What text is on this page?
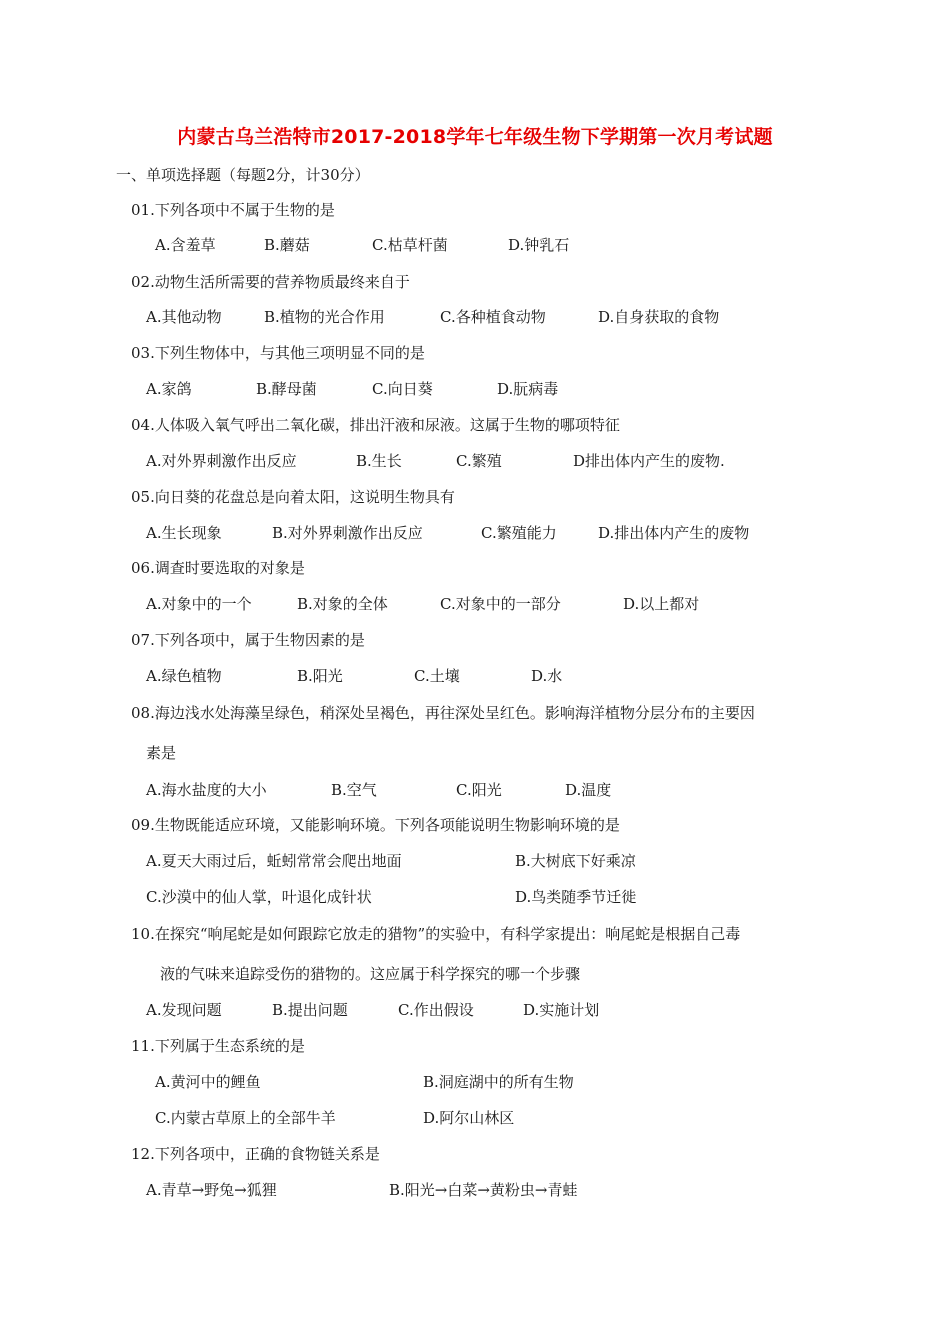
内蒙古乌兰浩特市2017-2018学年七年级生物下学期第一次月考试题
一、单项选择题（每题2分，计30分）
01.下列各项中不属于生物的是
A.含羞草	B.蘑菇	C.枯草杆菌	D.钟乳石
02.动物生活所需要的营养物质最终来自于
A.其他动物	B.植物的光合作用	C.各种植食动物	D.自身获取的食物
03.下列生物体中，与其他三项明显不同的是
A.家鸽	B.酵母菌	C.向日葵	D.朊病毒
04.人体吸入氧气呼出二氧化碳，排出汗液和尿液。这属于生物的哪项特征
A.对外界刺激作出反应	B.生长	C.繁殖	D排出体内产生的废物.
05.向日葵的花盘总是向着太阳，这说明生物具有
A.生长现象	B.对外界刺激作出反应	C.繁殖能力	D.排出体内产生的废物
06.调查时要选取的对象是
A.对象中的一个	B.对象的全体	C.对象中的一部分	D.以上都对
07.下列各项中，属于生物因素的是
A.绿色植物	B.阳光	C.土壤	D.水
08.海边浅水处海藻呈绿色，稍深处呈褐色，再往深处呈红色。影响海洋植物分层分布的主要因
素是
A.海水盐度的大小	B.空气	C.阳光	D.温度
09.生物既能适应环境，又能影响环境。下列各项能说明生物影响环境的是
A.夏天大雨过后，蚯蚓常常会爬出地面	B.大树底下好乘凉
C.沙漠中的仙人掌，叶退化成针状	D.鸟类随季节迁徙
10.在探究“响尾蛇是如何跟踪它放走的猎物”的实验中，有科学家提出：响尾蛇是根据自己毒
液的气味来追踪受伤的猎物的。这应属于科学探究的哪一个步骤
A.发现问题	B.提出问题	C.作出假设	D.实施计划
11.下列属于生态系统的是
A.黄河中的鲤鱼	B.洞庭湖中的所有生物
C.内蒙古草原上的全部牛羊	D.阿尔山林区
12.下列各项中，正确的食物链关系是
A.青草→野兔→狐狸	B.阳光→白菜→黄粉虫→青蛙
